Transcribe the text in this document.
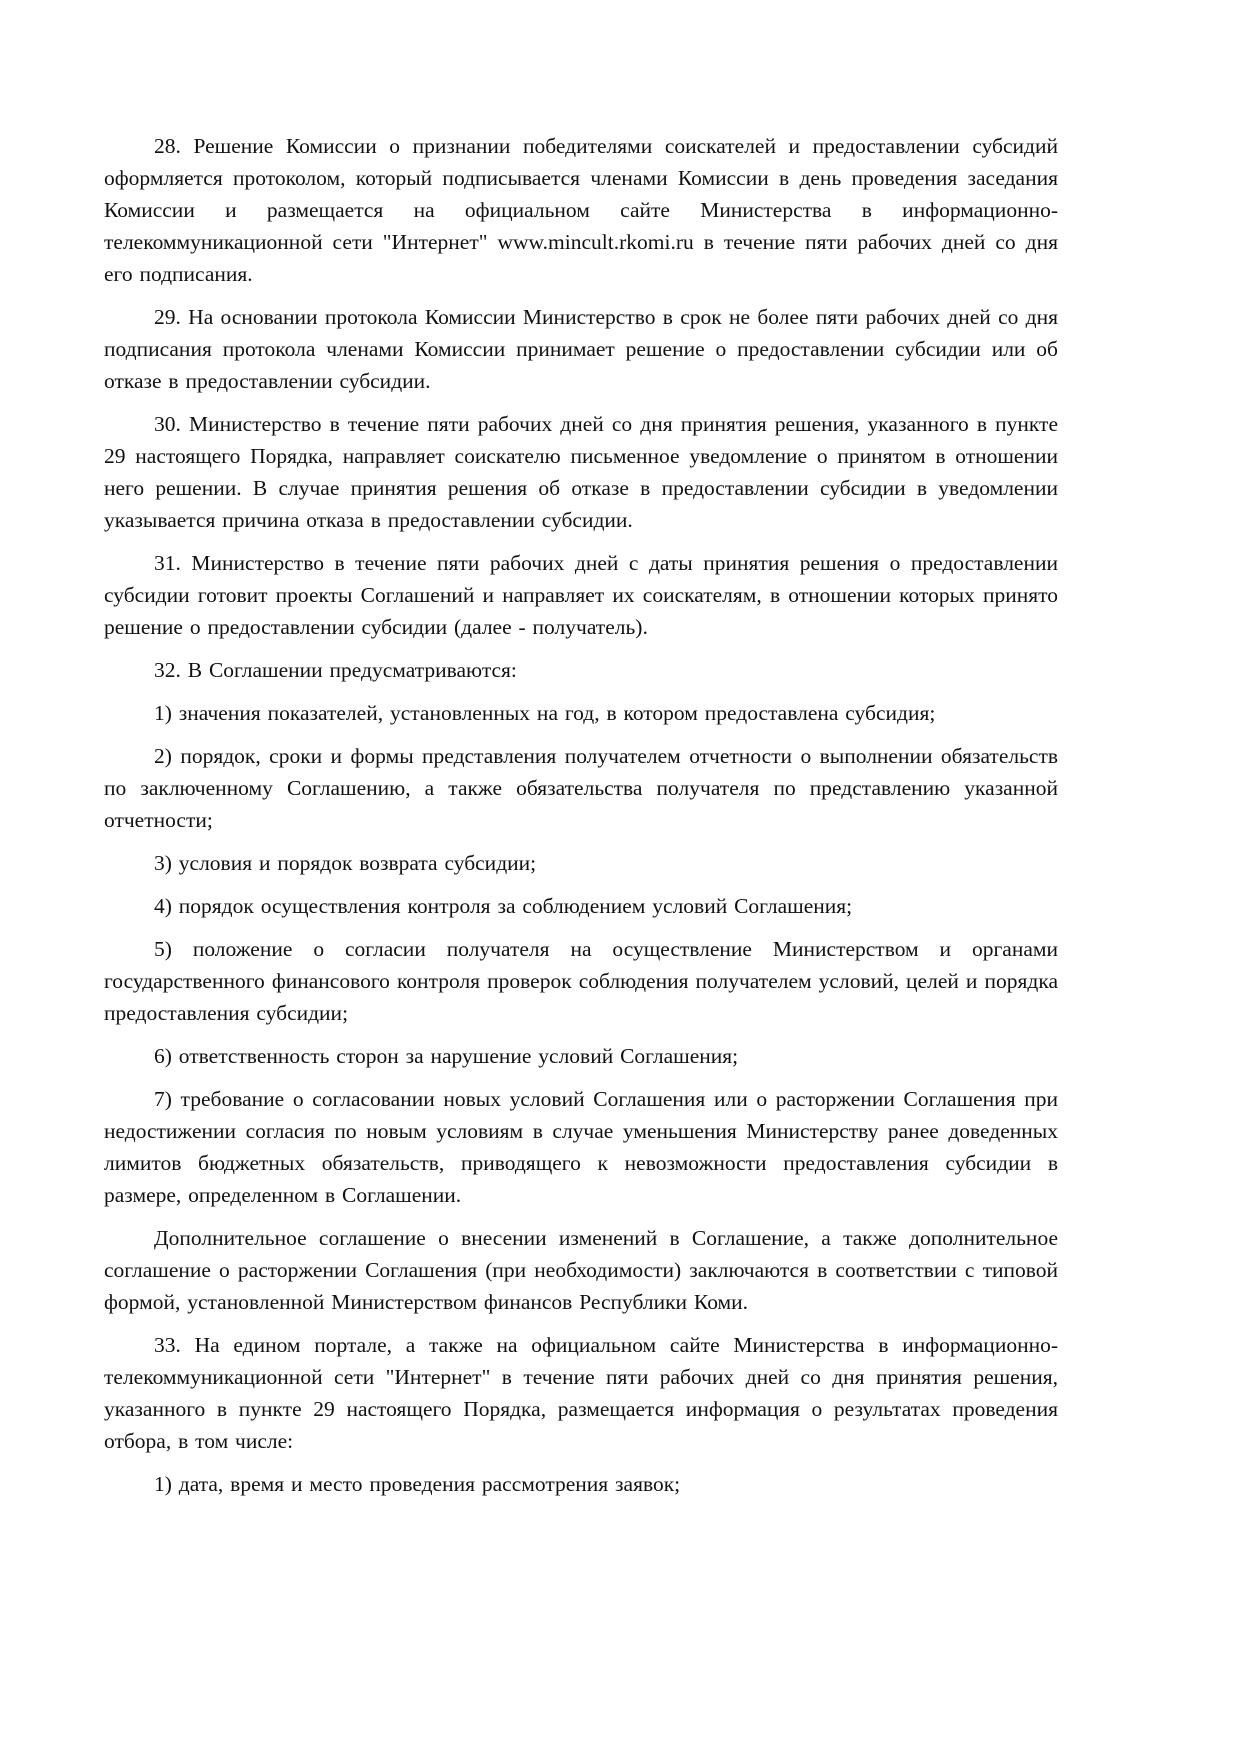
28. Решение Комиссии о признании победителями соискателей и предоставлении субсидий оформляется протоколом, который подписывается членами Комиссии в день проведения заседания Комиссии и размещается на официальном сайте Министерства в информационно-телекоммуникационной сети "Интернет" www.mincult.rkomi.ru в течение пяти рабочих дней со дня его подписания.

29. На основании протокола Комиссии Министерство в срок не более пяти рабочих дней со дня подписания протокола членами Комиссии принимает решение о предоставлении субсидии или об отказе в предоставлении субсидии.

30. Министерство в течение пяти рабочих дней со дня принятия решения, указанного в пункте 29 настоящего Порядка, направляет соискателю письменное уведомление о принятом в отношении него решении. В случае принятия решения об отказе в предоставлении субсидии в уведомлении указывается причина отказа в предоставлении субсидии.

31. Министерство в течение пяти рабочих дней с даты принятия решения о предоставлении субсидии готовит проекты Соглашений и направляет их соискателям, в отношении которых принято решение о предоставлении субсидии (далее - получатель).

32. В Соглашении предусматриваются:

1) значения показателей, установленных на год, в котором предоставлена субсидия;

2) порядок, сроки и формы представления получателем отчетности о выполнении обязательств по заключенному Соглашению, а также обязательства получателя по представлению указанной отчетности;

3) условия и порядок возврата субсидии;

4) порядок осуществления контроля за соблюдением условий Соглашения;

5) положение о согласии получателя на осуществление Министерством и органами государственного финансового контроля проверок соблюдения получателем условий, целей и порядка предоставления субсидии;

6) ответственность сторон за нарушение условий Соглашения;

7) требование о согласовании новых условий Соглашения или о расторжении Соглашения при недостижении согласия по новым условиям в случае уменьшения Министерству ранее доведенных лимитов бюджетных обязательств, приводящего к невозможности предоставления субсидии в размере, определенном в Соглашении.

Дополнительное соглашение о внесении изменений в Соглашение, а также дополнительное соглашение о расторжении Соглашения (при необходимости) заключаются в соответствии с типовой формой, установленной Министерством финансов Республики Коми.

33. На едином портале, а также на официальном сайте Министерства в информационно-телекоммуникационной сети "Интернет" в течение пяти рабочих дней со дня принятия решения, указанного в пункте 29 настоящего Порядка, размещается информация о результатах проведения отбора, в том числе:

1) дата, время и место проведения рассмотрения заявок;
